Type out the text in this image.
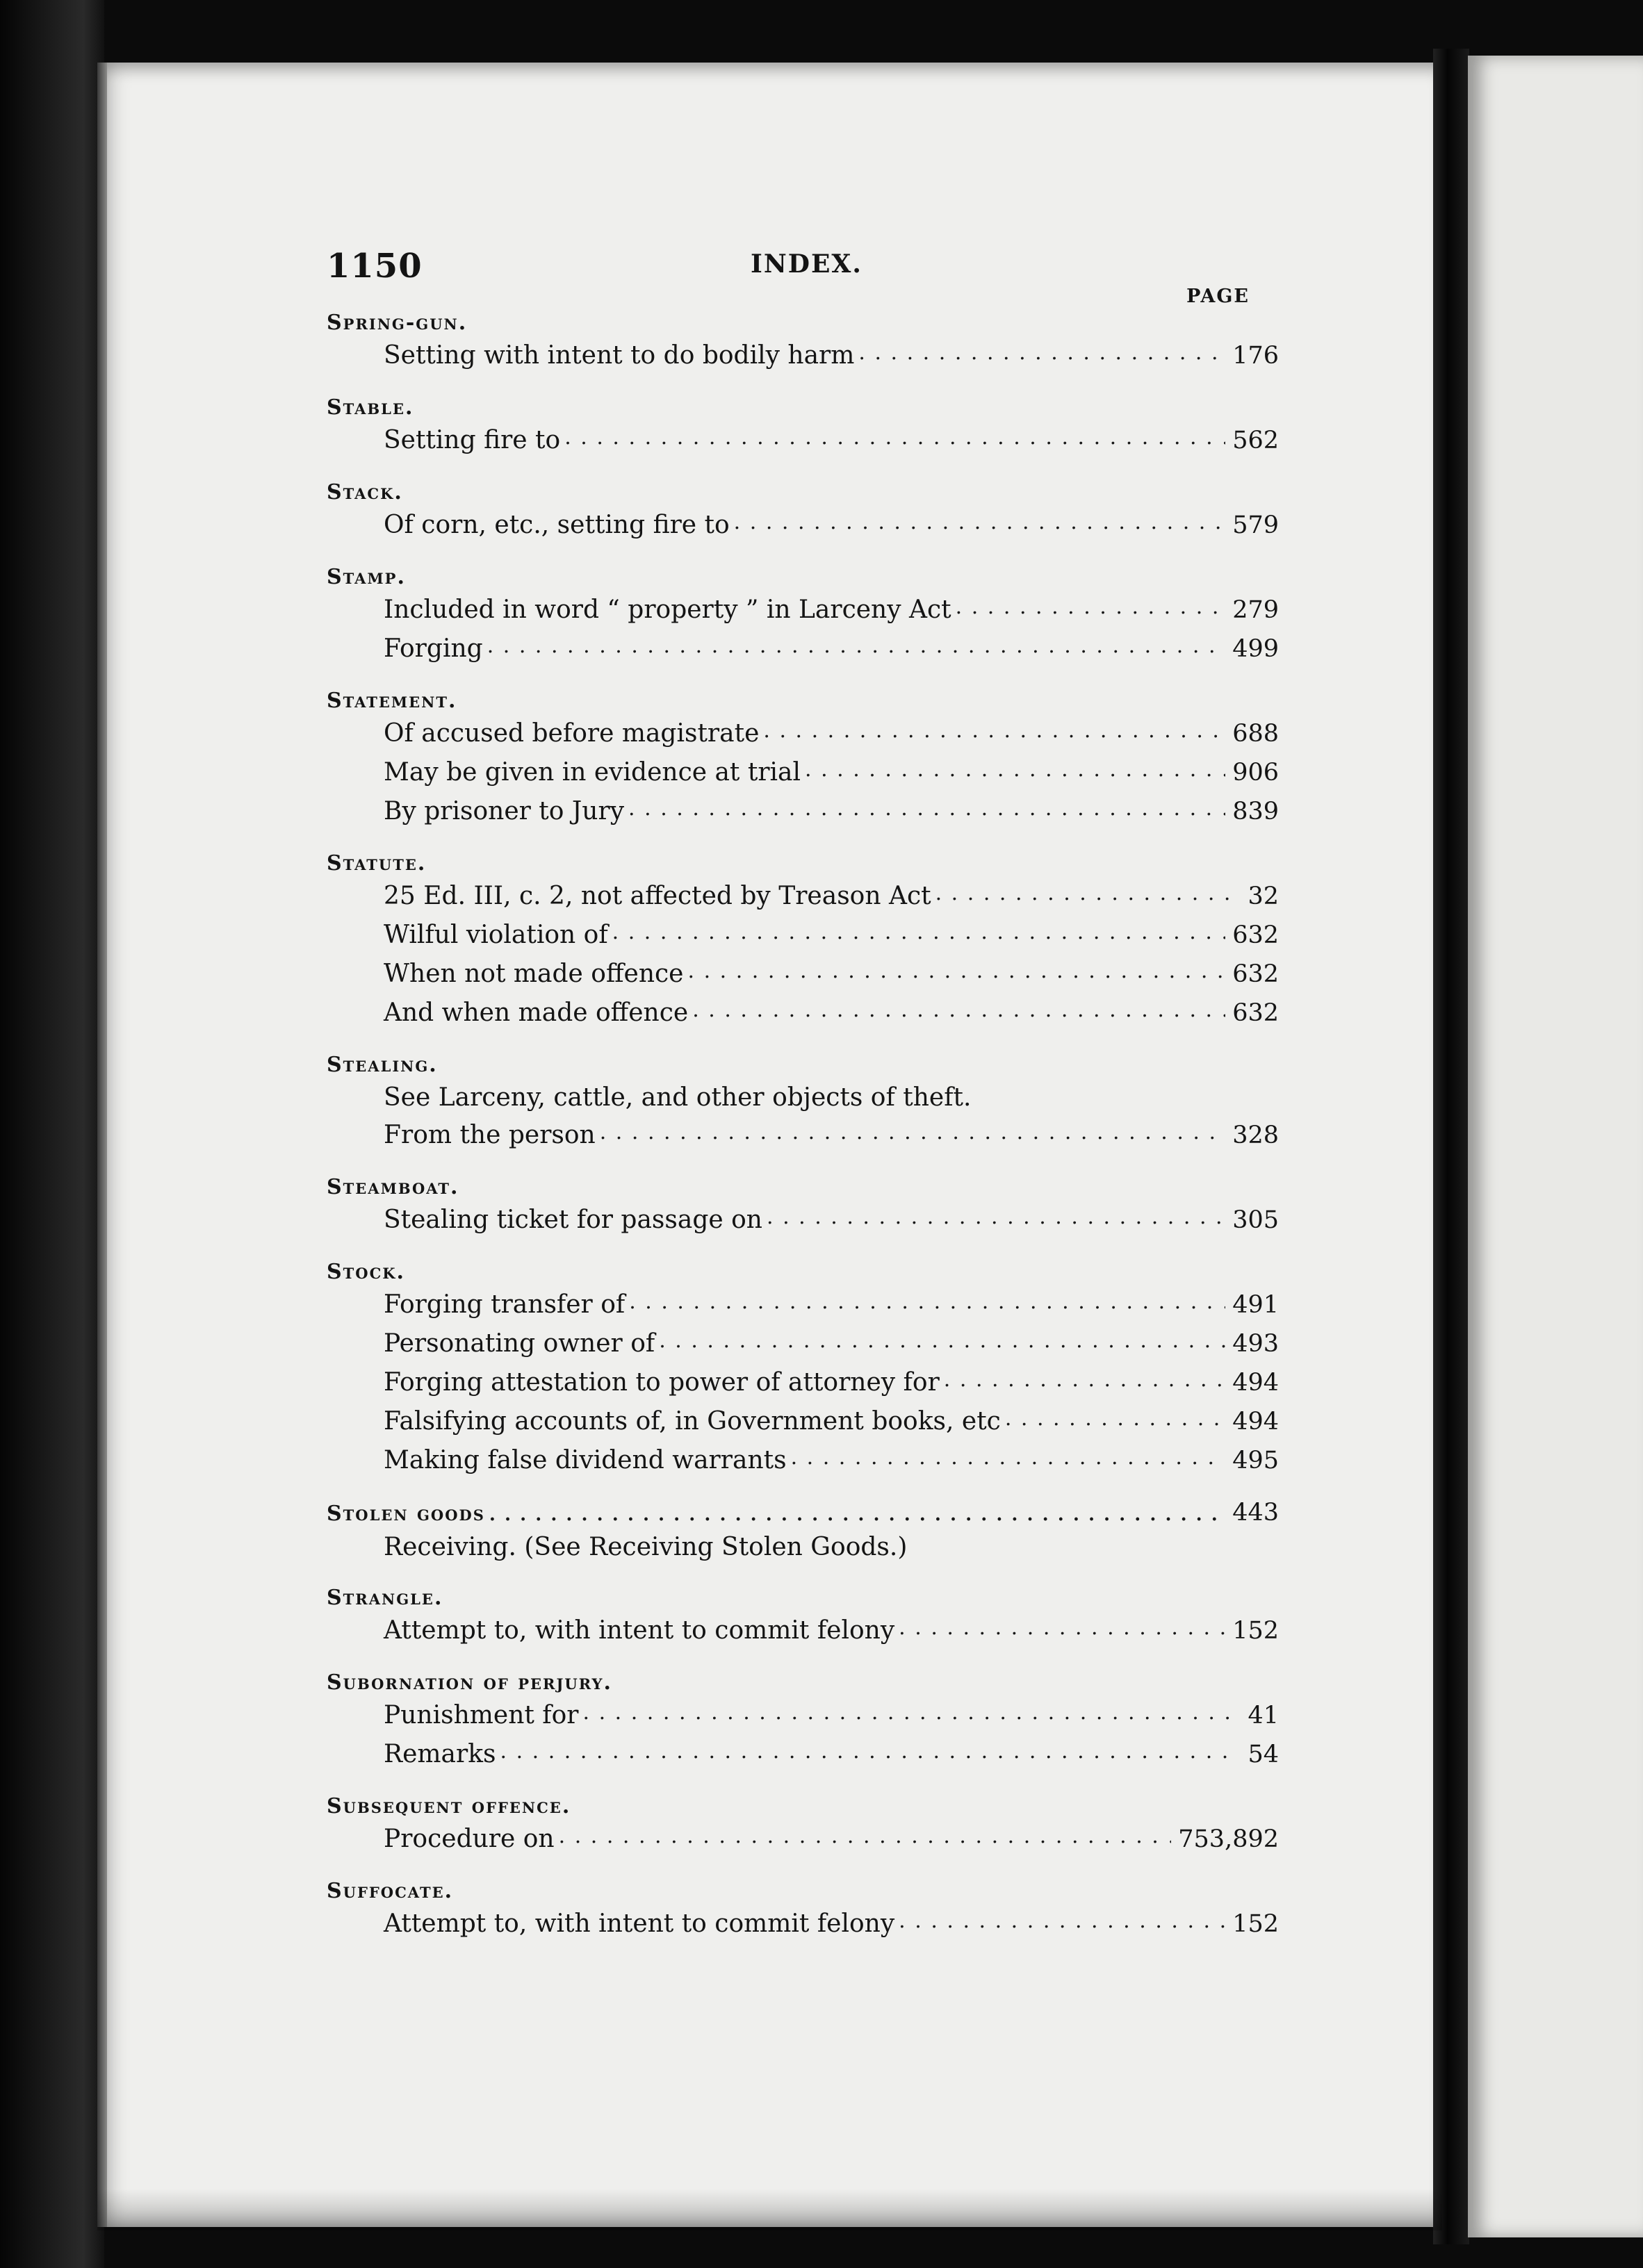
1150	INDEX.
PAGE
Spring-gun.
Setting with intent to do bodily harm . . .	176
Stable.
Setting fire to . . .	562
Stack.
Of corn, etc., setting fire to . . .	579
Stamp.
Included in word “ property ” in Larceny Act . . .	279
Forging . . .	499
Statement.
Of accused before magistrate . . .	688
May be given in evidence at trial . . .	906
By prisoner to Jury . . .	839
Statute.
25 Ed. III, c. 2, not affected by Treason Act . . .	32
Wilful violation of . . .	632
When not made offence . . .	632
And when made offence . . .	632
Stealing.
See Larceny, cattle, and other objects of theft.
From the person . . .	328
Steamboat.
Stealing ticket for passage on . . .	305
Stock.
Forging transfer of . . .	491
Personating owner of . . .	493
Forging attestation to power of attorney for . . .	494
Falsifying accounts of, in Government books, etc . . .	494
Making false dividend warrants . . .	495
Stolen goods . . .	443
Receiving. (See Receiving Stolen Goods.)
Strangle.
Attempt to, with intent to commit felony . . .	152
Subornation of perjury.
Punishment for . . .	41
Remarks . . .	54
Subsequent offence.
Procedure on . . .	753,892
Suffocate.
Attempt to, with intent to commit felony . . .	152
